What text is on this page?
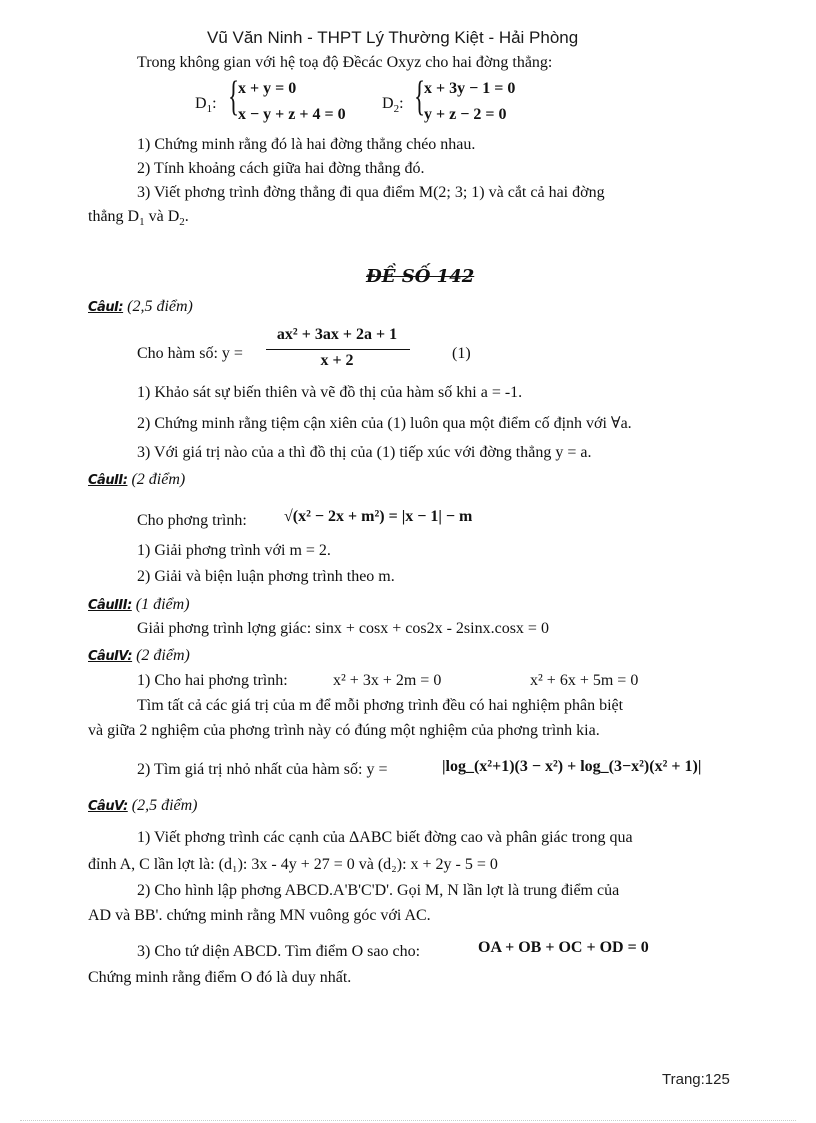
Vũ Văn Ninh - THPT Lý Thường Kiệt - Hải Phòng
Trong không gian với hệ toạ độ Đềcác Oxyz cho hai đờng thẳng:
$D_1$: {
x + y = 0
x − y + z + 4 = 0
$D_2$: {
x + 3y − 1 = 0
y + z − 2 = 0
1) Chứng minh rằng đó là hai đờng thẳng chéo nhau.
2) Tính khoảng cách giữa hai đờng thẳng đó.
3) Viết phơng trình đờng thẳng đi qua điểm M(2; 3; 1) và cắt cả hai đờng
thẳng $D_1$ và $D_2$.
ĐỀ SỐ 142
CâuI: (2,5 điểm)
Cho hàm số: y =
ax² + 3ax + 2a + 1
x + 2	(1)
1) Khảo sát sự biến thiên và vẽ đồ thị của hàm số khi a = -1.
2) Chứng minh rằng tiệm cận xiên của (1) luôn qua một điểm cố định với ∀a.
3) Với giá trị nào của a thì đồ thị của (1) tiếp xúc với đờng thẳng y = a.
CâuII: (2 điểm)
Cho phơng trình: √(x² − 2x + m²) = |x − 1| − m
1) Giải phơng trình với m = 2.
2) Giải và biện luận phơng trình theo m.
CâuIII: (1 điểm)
Giải phơng trình lợng giác: sinx + cosx + cos2x - 2sinx.cosx = 0
CâuIV: (2 điểm)
1) Cho hai phơng trình:	x² + 3x + 2m = 0	x² + 6x + 5m = 0
Tìm tất cả các giá trị của m để mỗi phơng trình đều có hai nghiệm phân biệt
và giữa 2 nghiệm của phơng trình này có đúng một nghiệm của phơng trình kia.
2) Tìm giá trị nhỏ nhất của hàm số: y =	|log_(x²+1)(3 − x²) + log_(3−x²)(x² + 1)|
CâuV: (2,5 điểm)
1) Viết phơng trình các cạnh của ΔABC biết đờng cao và phân giác trong qua
đỉnh A, C lần lợt là: (d₁): 3x - 4y + 27 = 0 và (d₂): x + 2y - 5 = 0
2) Cho hình lập phơng ABCD.A'B'C'D'. Gọi M, N lần lợt là trung điểm của
AD và BB'. chứng minh rằng MN vuông góc với AC.
3) Cho tứ diện ABCD. Tìm điểm O sao cho:	OA + OB + OC + OD = 0
Chứng minh rằng điểm O đó là duy nhất.
Trang:125
